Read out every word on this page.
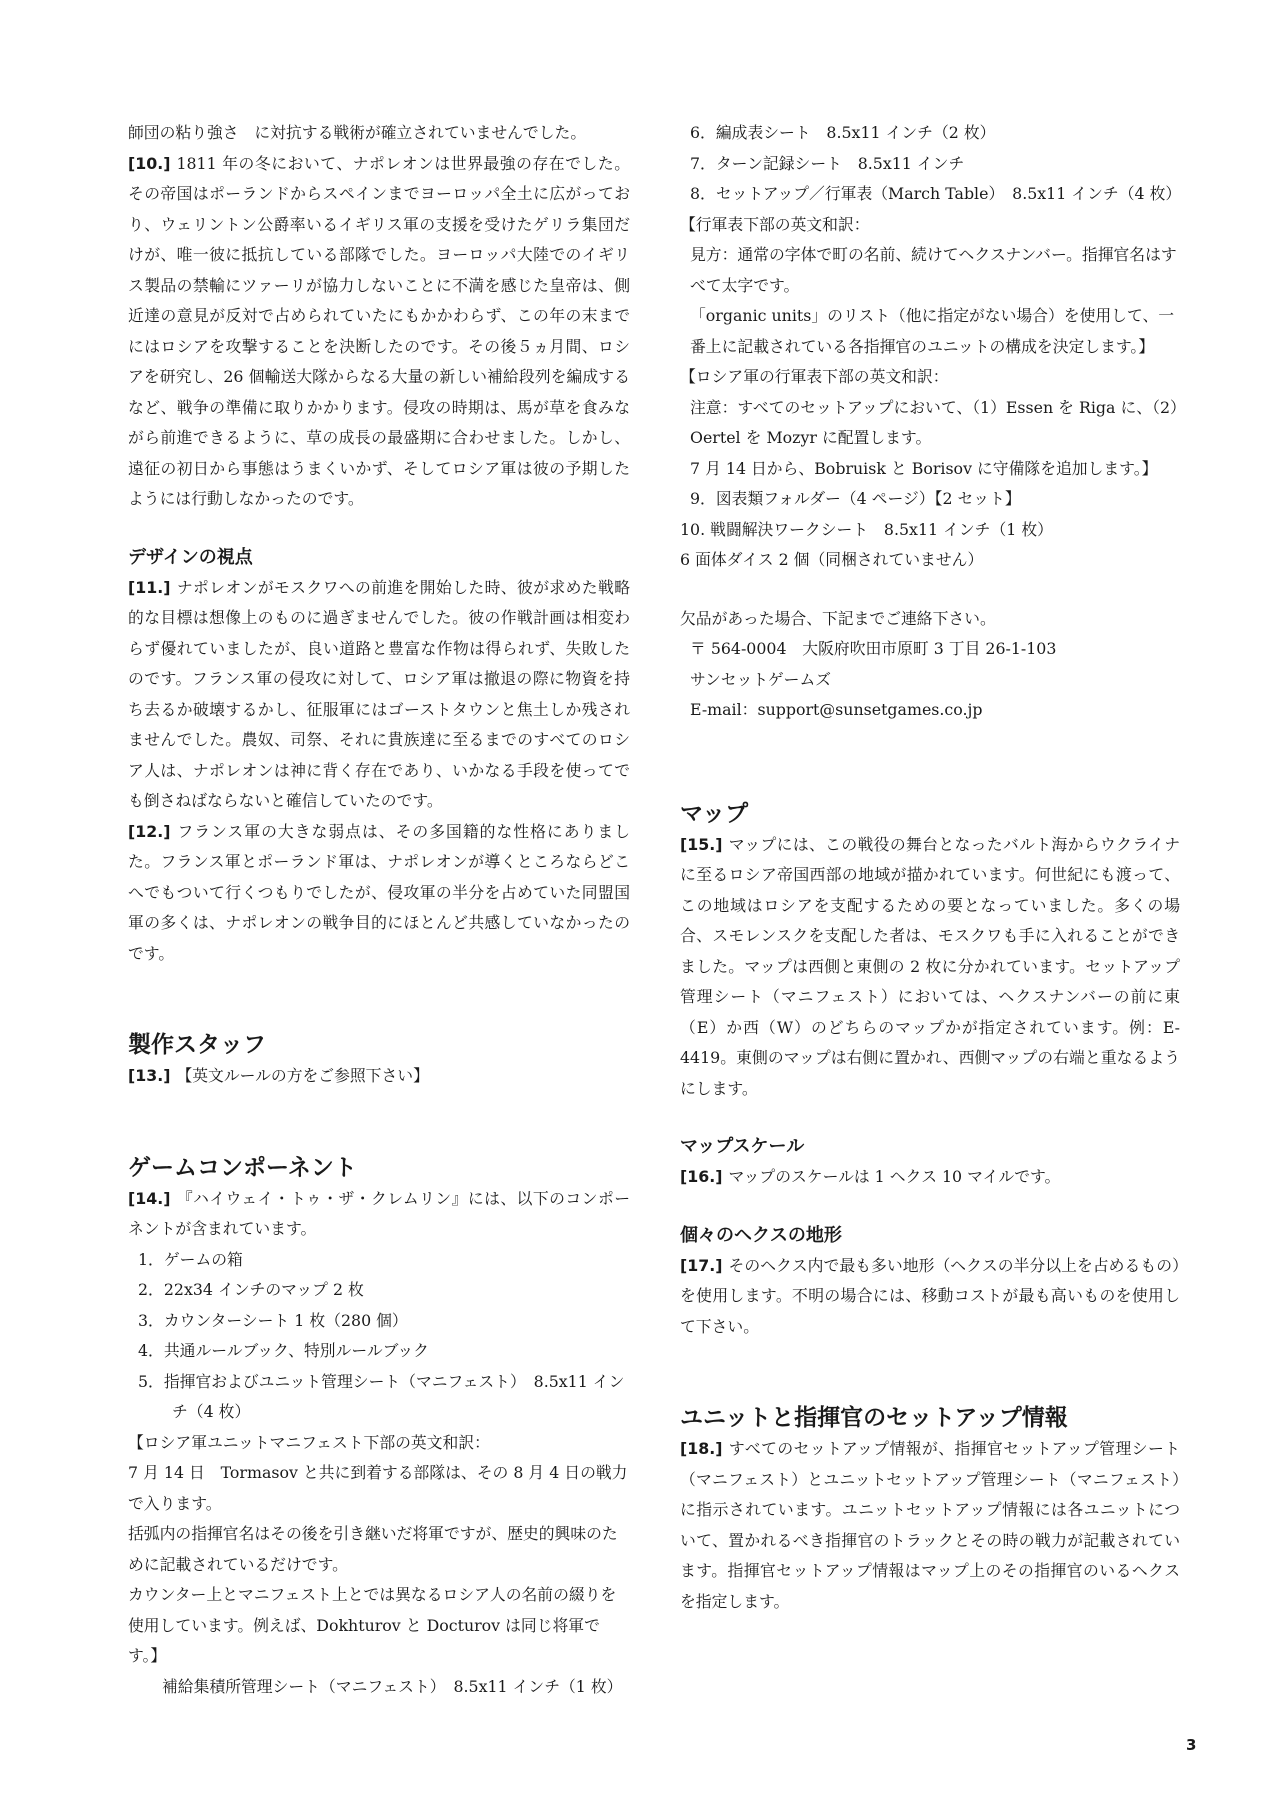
師団の粘り強さ　に対抗する戦術が確立されていませんでした。

[10.] 1811 年の冬において、ナポレオンは世界最強の存在でした。その帝国はポーランドからスペインまでヨーロッパ全土に広がっており、ウェリントン公爵率いるイギリス軍の支援を受けたゲリラ集団だけが、唯一彼に抵抗している部隊でした。ヨーロッパ大陸でのイギリス製品の禁輸にツァーリが協力しないことに不満を感じた皇帝は、側近達の意見が反対で占められていたにもかかわらず、この年の末までにはロシアを攻撃することを決断したのです。その後５ヵ月間、ロシアを研究し、26 個輸送大隊からなる大量の新しい補給段列を編成するなど、戦争の準備に取りかかります。侵攻の時期は、馬が草を食みながら前進できるように、草の成長の最盛期に合わせました。しかし、遠征の初日から事態はうまくいかず、そしてロシア軍は彼の予期したようには行動しなかったのです。

デザインの視点

[11.] ナポレオンがモスクワへの前進を開始した時、彼が求めた戦略的な目標は想像上のものに過ぎませんでした。彼の作戦計画は相変わらず優れていましたが、良い道路と豊富な作物は得られず、失敗したのです。フランス軍の侵攻に対して、ロシア軍は撤退の際に物資を持ち去るか破壊するかし、征服軍にはゴーストタウンと焦土しか残されませんでした。農奴、司祭、それに貴族達に至るまでのすべてのロシア人は、ナポレオンは神に背く存在であり、いかなる手段を使ってでも倒さねばならないと確信していたのです。

[12.] フランス軍の大きな弱点は、その多国籍的な性格にありました。フランス軍とポーランド軍は、ナポレオンが導くところならどこへでもついて行くつもりでしたが、侵攻軍の半分を占めていた同盟国軍の多くは、ナポレオンの戦争目的にほとんど共感していなかったのです。

製作スタッフ

[13.] 【英文ルールの方をご参照下さい】

ゲームコンポーネント

[14.] 『ハイウェイ・トゥ・ザ・クレムリン』には、以下のコンポーネントが含まれています。

1．ゲームの箱

2．22x34 インチのマップ 2 枚

3．カウンターシート 1 枚（280 個）

4．共通ルールブック、特別ルールブック

5．指揮官およびユニット管理シート（マニフェスト）　8.5x11 インチ（4 枚）

【ロシア軍ユニットマニフェスト下部の英文和訳：

7 月 14 日　Tormasov と共に到着する部隊は、その 8 月 4 日の戦力で入ります。

括弧内の指揮官名はその後を引き継いだ将軍ですが、歴史的興味のために記載されているだけです。

カウンター上とマニフェスト上とでは異なるロシア人の名前の綴りを使用しています。例えば、Dokhturov と Docturov は同じ将軍です。】

補給集積所管理シート（マニフェスト）　8.5x11 インチ（1 枚）

6．編成表シート　8.5x11 インチ（2 枚）

7．ターン記録シート　8.5x11 インチ

8．セットアップ／行軍表（March Table）　8.5x11 インチ（4 枚）

【行軍表下部の英文和訳：

見方：通常の字体で町の名前、続けてヘクスナンバー。指揮官名はすべて太字です。

「organic units」のリスト（他に指定がない場合）を使用して、一番上に記載されている各指揮官のユニットの構成を決定します。】

【ロシア軍の行軍表下部の英文和訳：

注意：すべてのセットアップにおいて、（1）Essen を Riga に、（2）Oertel を Mozyr に配置します。

7 月 14 日から、Bobruisk と Borisov に守備隊を追加します。】

9．図表類フォルダー（4 ページ）【2 セット】

10. 戦闘解決ワークシート　8.5x11 インチ（1 枚）

6 面体ダイス 2 個（同梱されていません）

欠品があった場合、下記までご連絡下さい。

〒 564-0004　大阪府吹田市原町 3 丁目 26-1-103

サンセットゲームズ

E-mail：support@sunsetgames.co.jp

マップ

[15.] マップには、この戦役の舞台となったバルト海からウクライナに至るロシア帝国西部の地域が描かれています。何世紀にも渡って、この地域はロシアを支配するための要となっていました。多くの場合、スモレンスクを支配した者は、モスクワも手に入れることができました。マップは西側と東側の 2 枚に分かれています。セットアップ管理シート（マニフェスト）においては、ヘクスナンバーの前に東（E）か西（W）のどちらのマップかが指定されています。例：E-4419。東側のマップは右側に置かれ、西側マップの右端と重なるようにします。

マップスケール

[16.] マップのスケールは 1 ヘクス 10 マイルです。

個々のヘクスの地形

[17.] そのヘクス内で最も多い地形（ヘクスの半分以上を占めるもの）を使用します。不明の場合には、移動コストが最も高いものを使用して下さい。

ユニットと指揮官のセットアップ情報

[18.] すべてのセットアップ情報が、指揮官セットアップ管理シート（マニフェスト）とユニットセットアップ管理シート（マニフェスト）に指示されています。ユニットセットアップ情報には各ユニットについて、置かれるべき指揮官のトラックとその時の戦力が記載されています。指揮官セットアップ情報はマップ上のその指揮官のいるヘクスを指定します。

3
